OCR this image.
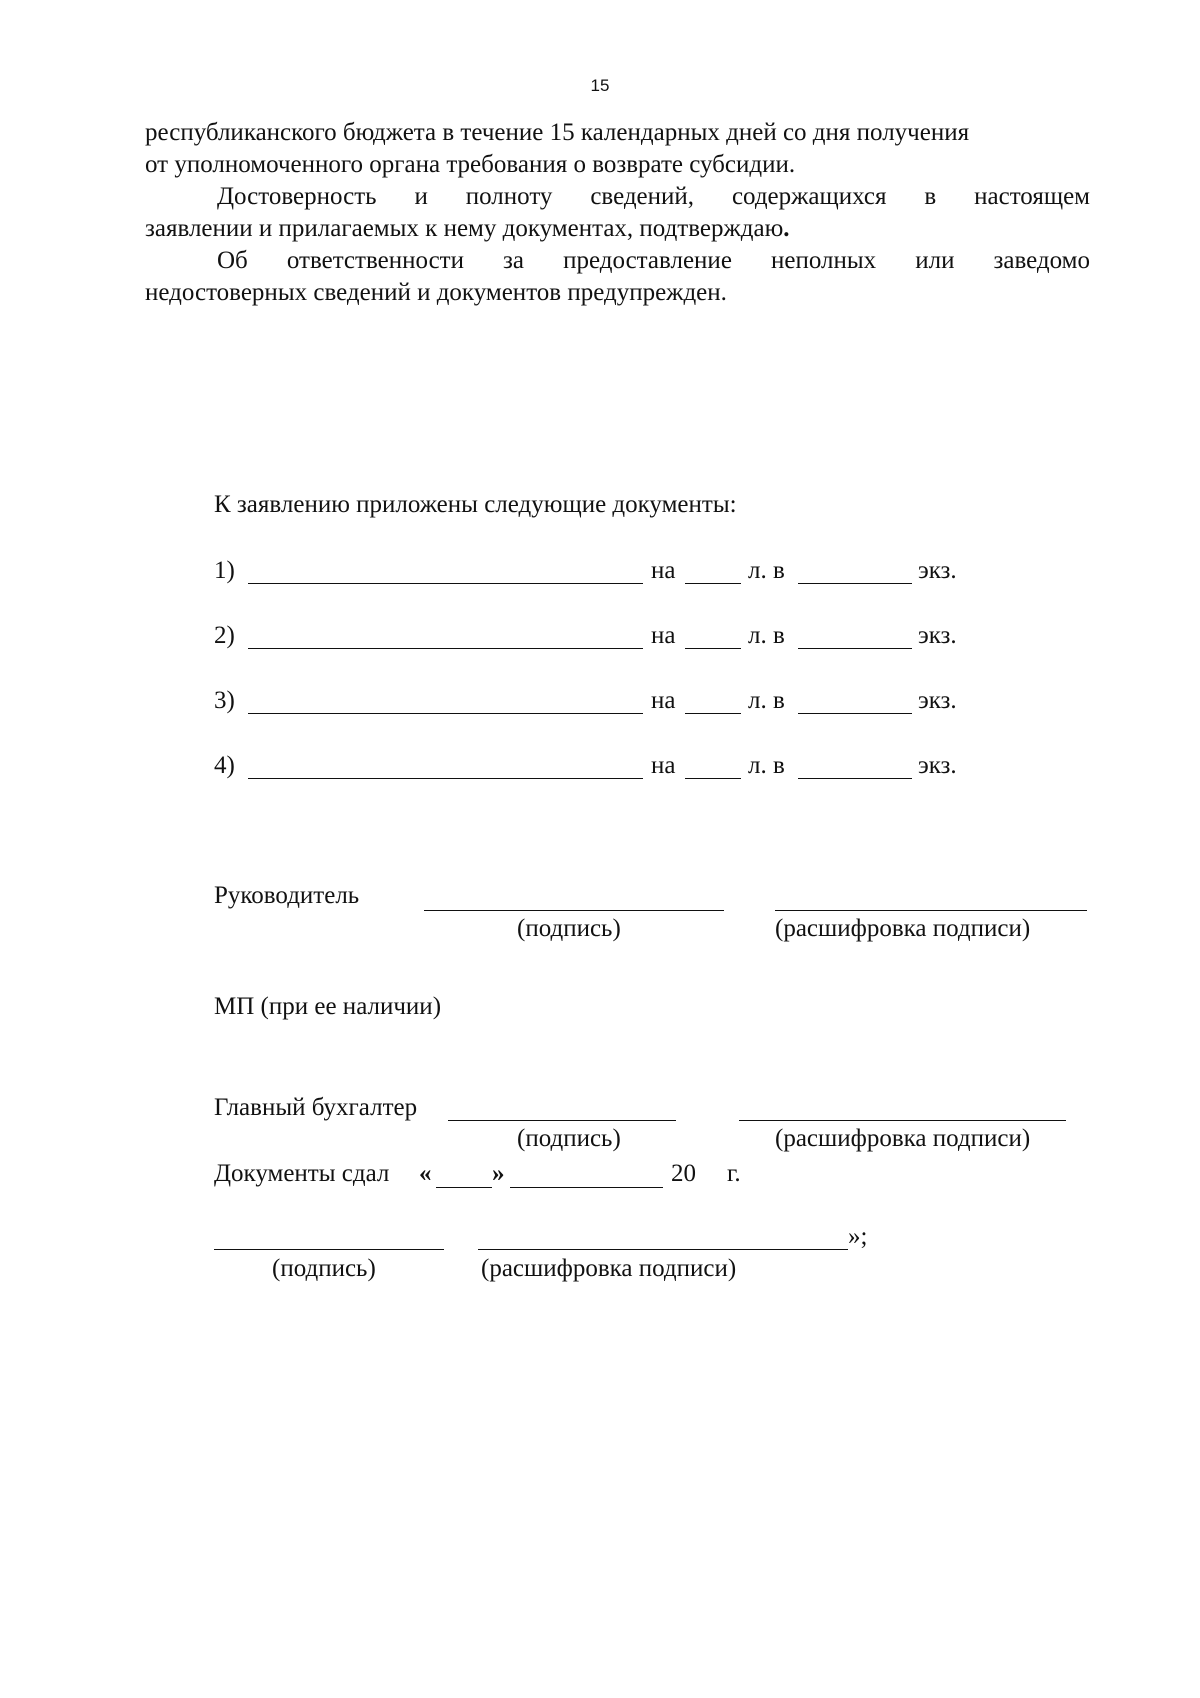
15

республиканского бюджета в течение 15 календарных дней со дня получения
от уполномоченного органа требования о возврате субсидии.

Достоверность и полноту сведений, содержащихся в настоящем

заявлении и прилагаемых к нему документах, подтверждаю.

Об ответственности за предоставление неполных или заведомо

недостоверных сведений и документов предупрежден.

К заявлению приложены следующие документы:
1)	на	л. в	экз.
2)	на	л. в	экз.
3)	на	л. в	экз.
4)	на	л. в	экз.
Руководитель
(подпись)	(расшифровка подписи)
МП (при ее наличии)
Главный бухгалтер
(подпись)	(расшифровка подписи)
Документы сдал « »	20 г.
»;
(подпись)	(расшифровка подписи)
